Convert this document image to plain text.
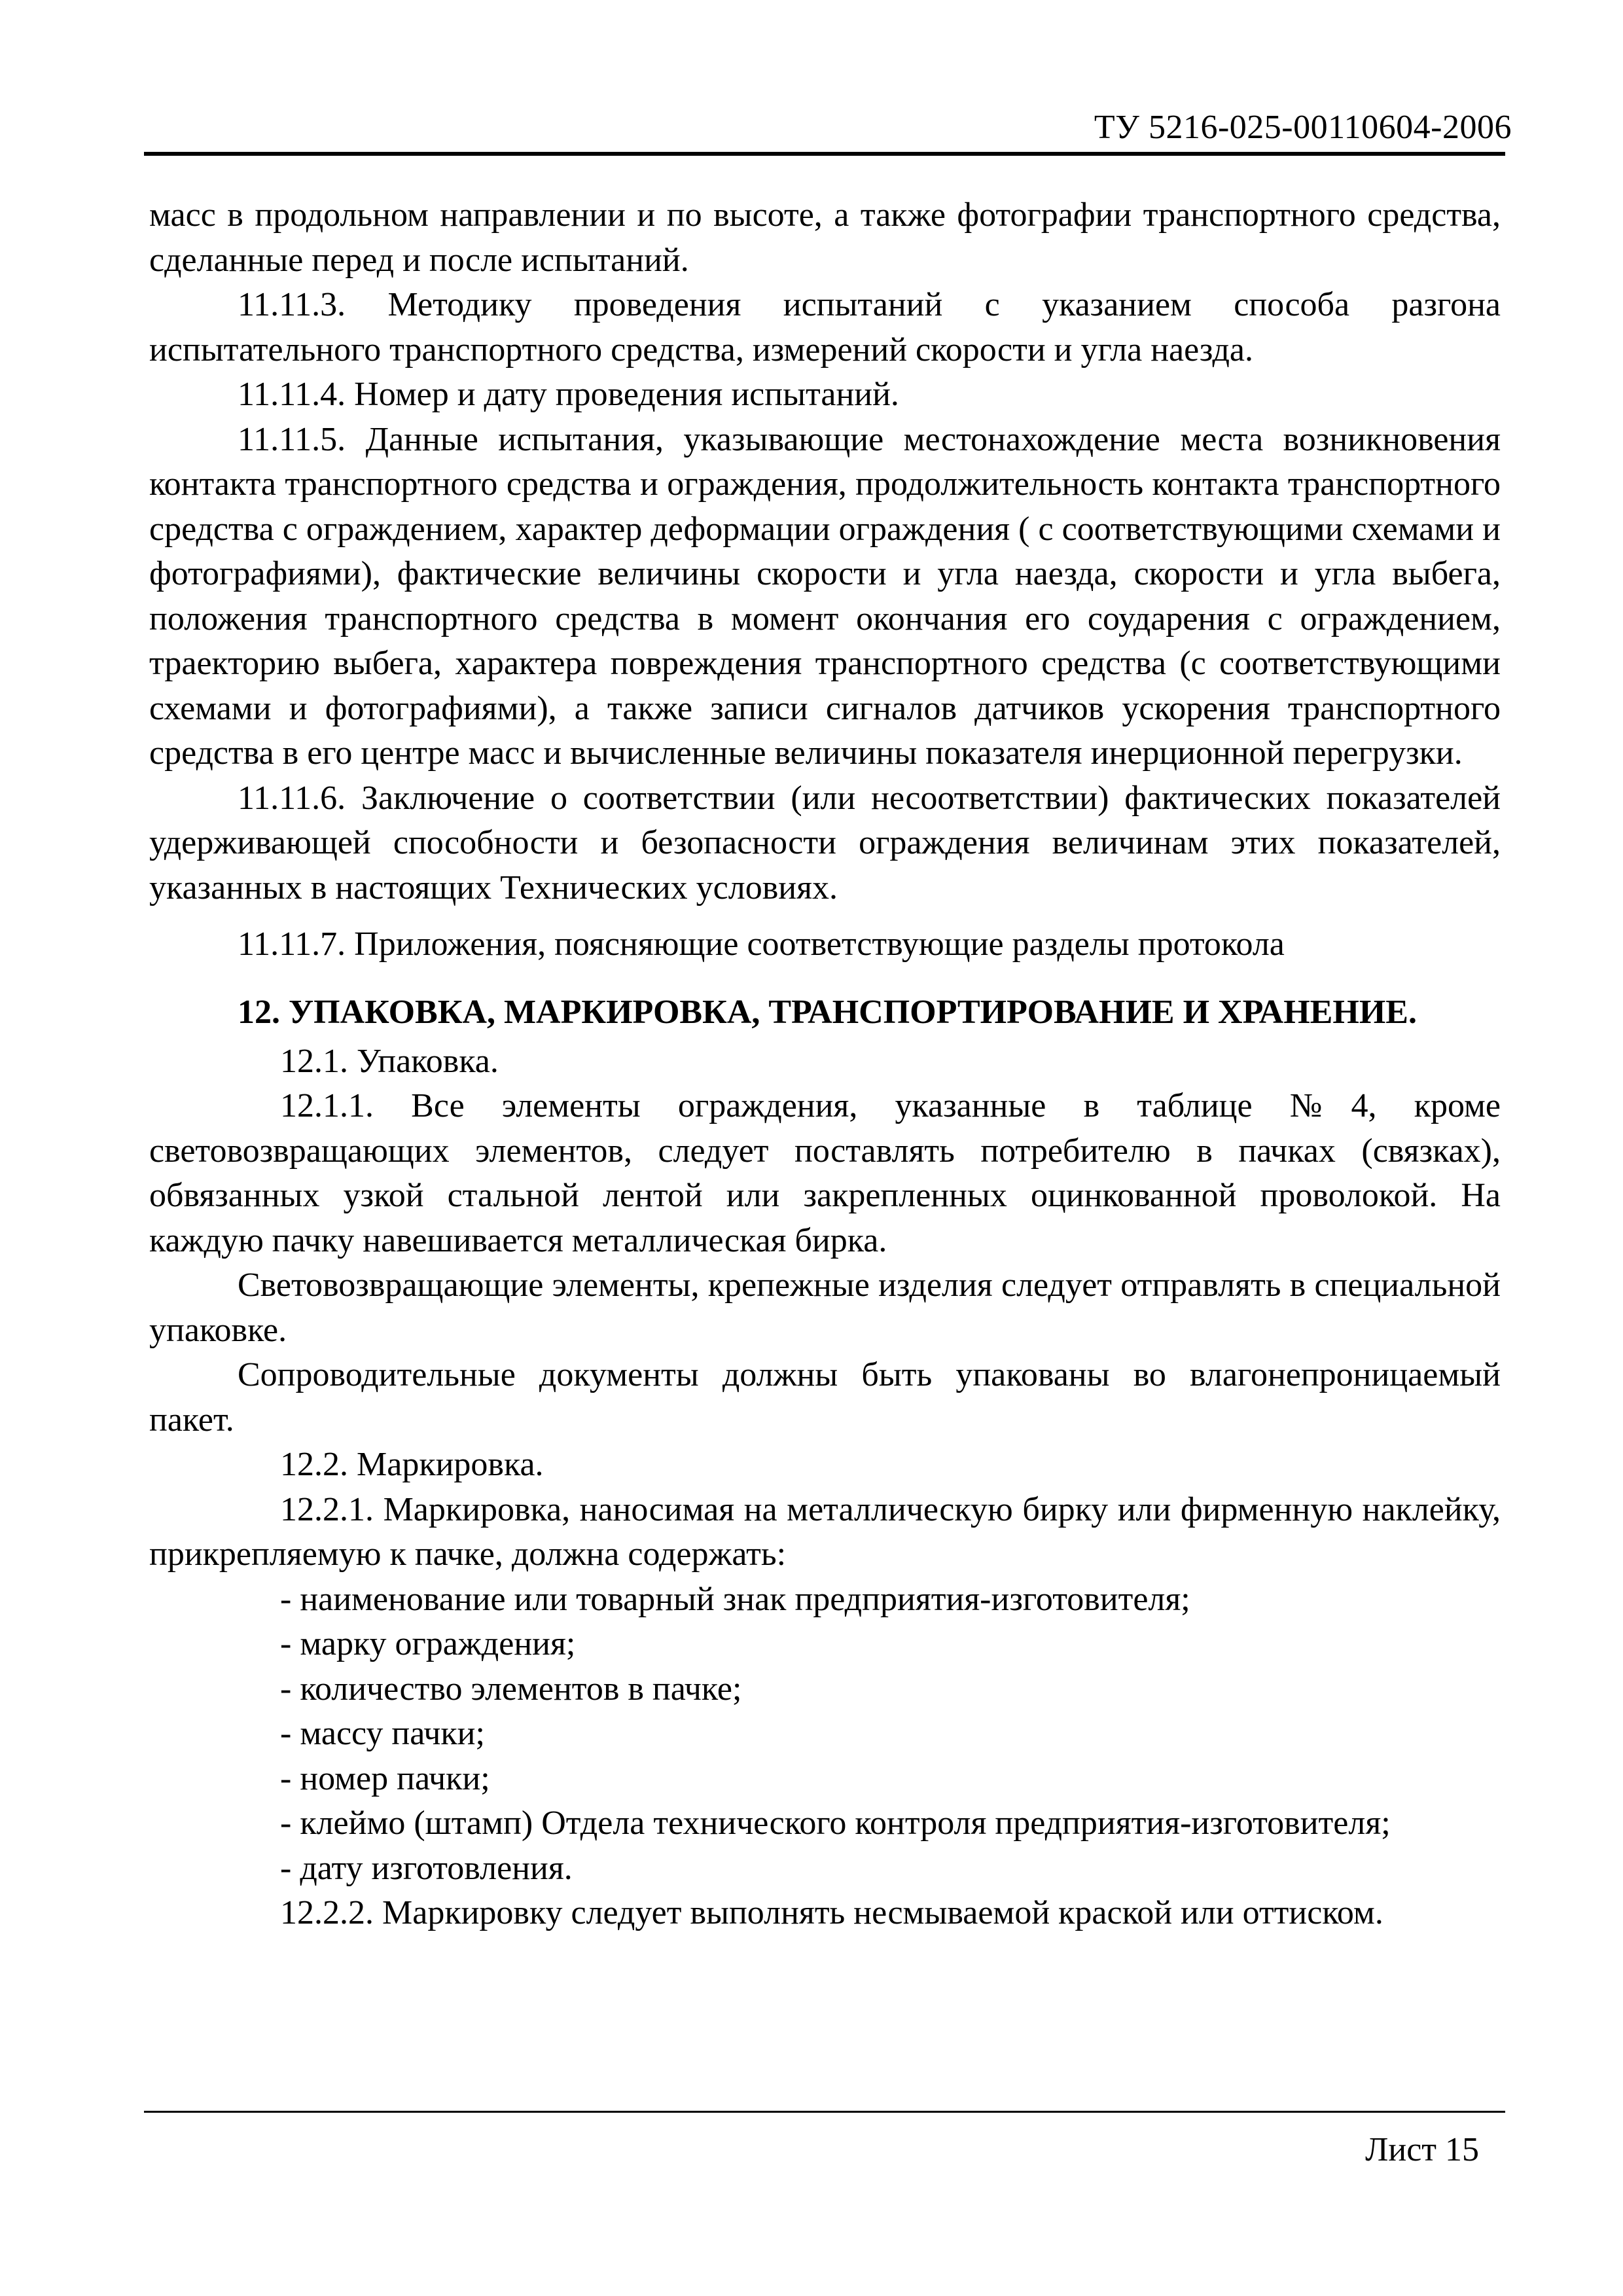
ТУ 5216-025-00110604-2006

масс в продольном направлении и по высоте, а также фотографии транспортного средства, сделанные перед и после испытаний.

11.11.3. Методику проведения испытаний с указанием способа разгона испытательного транспортного средства, измерений скорости и угла наезда.

11.11.4. Номер и дату проведения испытаний.

11.11.5. Данные испытания, указывающие местонахождение места возникновения контакта транспортного средства и ограждения, продолжительность контакта транспортного средства с ограждением, характер деформации ограждения ( с соответствующими схемами и фотографиями), фактические величины скорости и угла наезда, скорости и угла выбега, положения транспортного средства в момент окончания его соударения с ограждением, траекторию выбега, характера повреждения транспортного средства (с соответствующими схемами и фотографиями), а также записи сигналов датчиков ускорения транспортного средства в его центре масс и вычисленные величины показателя инерционной перегрузки.

11.11.6. Заключение о соответствии (или несоответствии) фактических показателей удерживающей способности и безопасности ограждения величинам этих показателей, указанных в настоящих Технических условиях.

11.11.7. Приложения, поясняющие соответствующие разделы протокола

12. УПАКОВКА, МАРКИРОВКА, ТРАНСПОРТИРОВАНИЕ И ХРАНЕНИЕ.

12.1. Упаковка.

12.1.1. Все элементы ограждения, указанные в таблице №4, кроме световозвращающих элементов, следует поставлять потребителю в пачках (связках), обвязанных узкой стальной лентой или закрепленных оцинкованной проволокой. На каждую пачку навешивается металлическая бирка.

Световозвращающие элементы, крепежные изделия следует отправлять в специальной упаковке.

Сопроводительные документы должны быть упакованы во влагонепроницаемый пакет.

12.2. Маркировка.

12.2.1. Маркировка, наносимая на металлическую бирку или фирменную наклейку, прикрепляемую к пачке, должна содержать:

- наименование или товарный знак предприятия-изготовителя;

- марку ограждения;

- количество элементов в пачке;

- массу пачки;

- номер пачки;

- клеймо (штамп) Отдела технического контроля предприятия-изготовителя;

- дату изготовления.

12.2.2. Маркировку следует выполнять несмываемой краской или оттиском.

Лист 15
